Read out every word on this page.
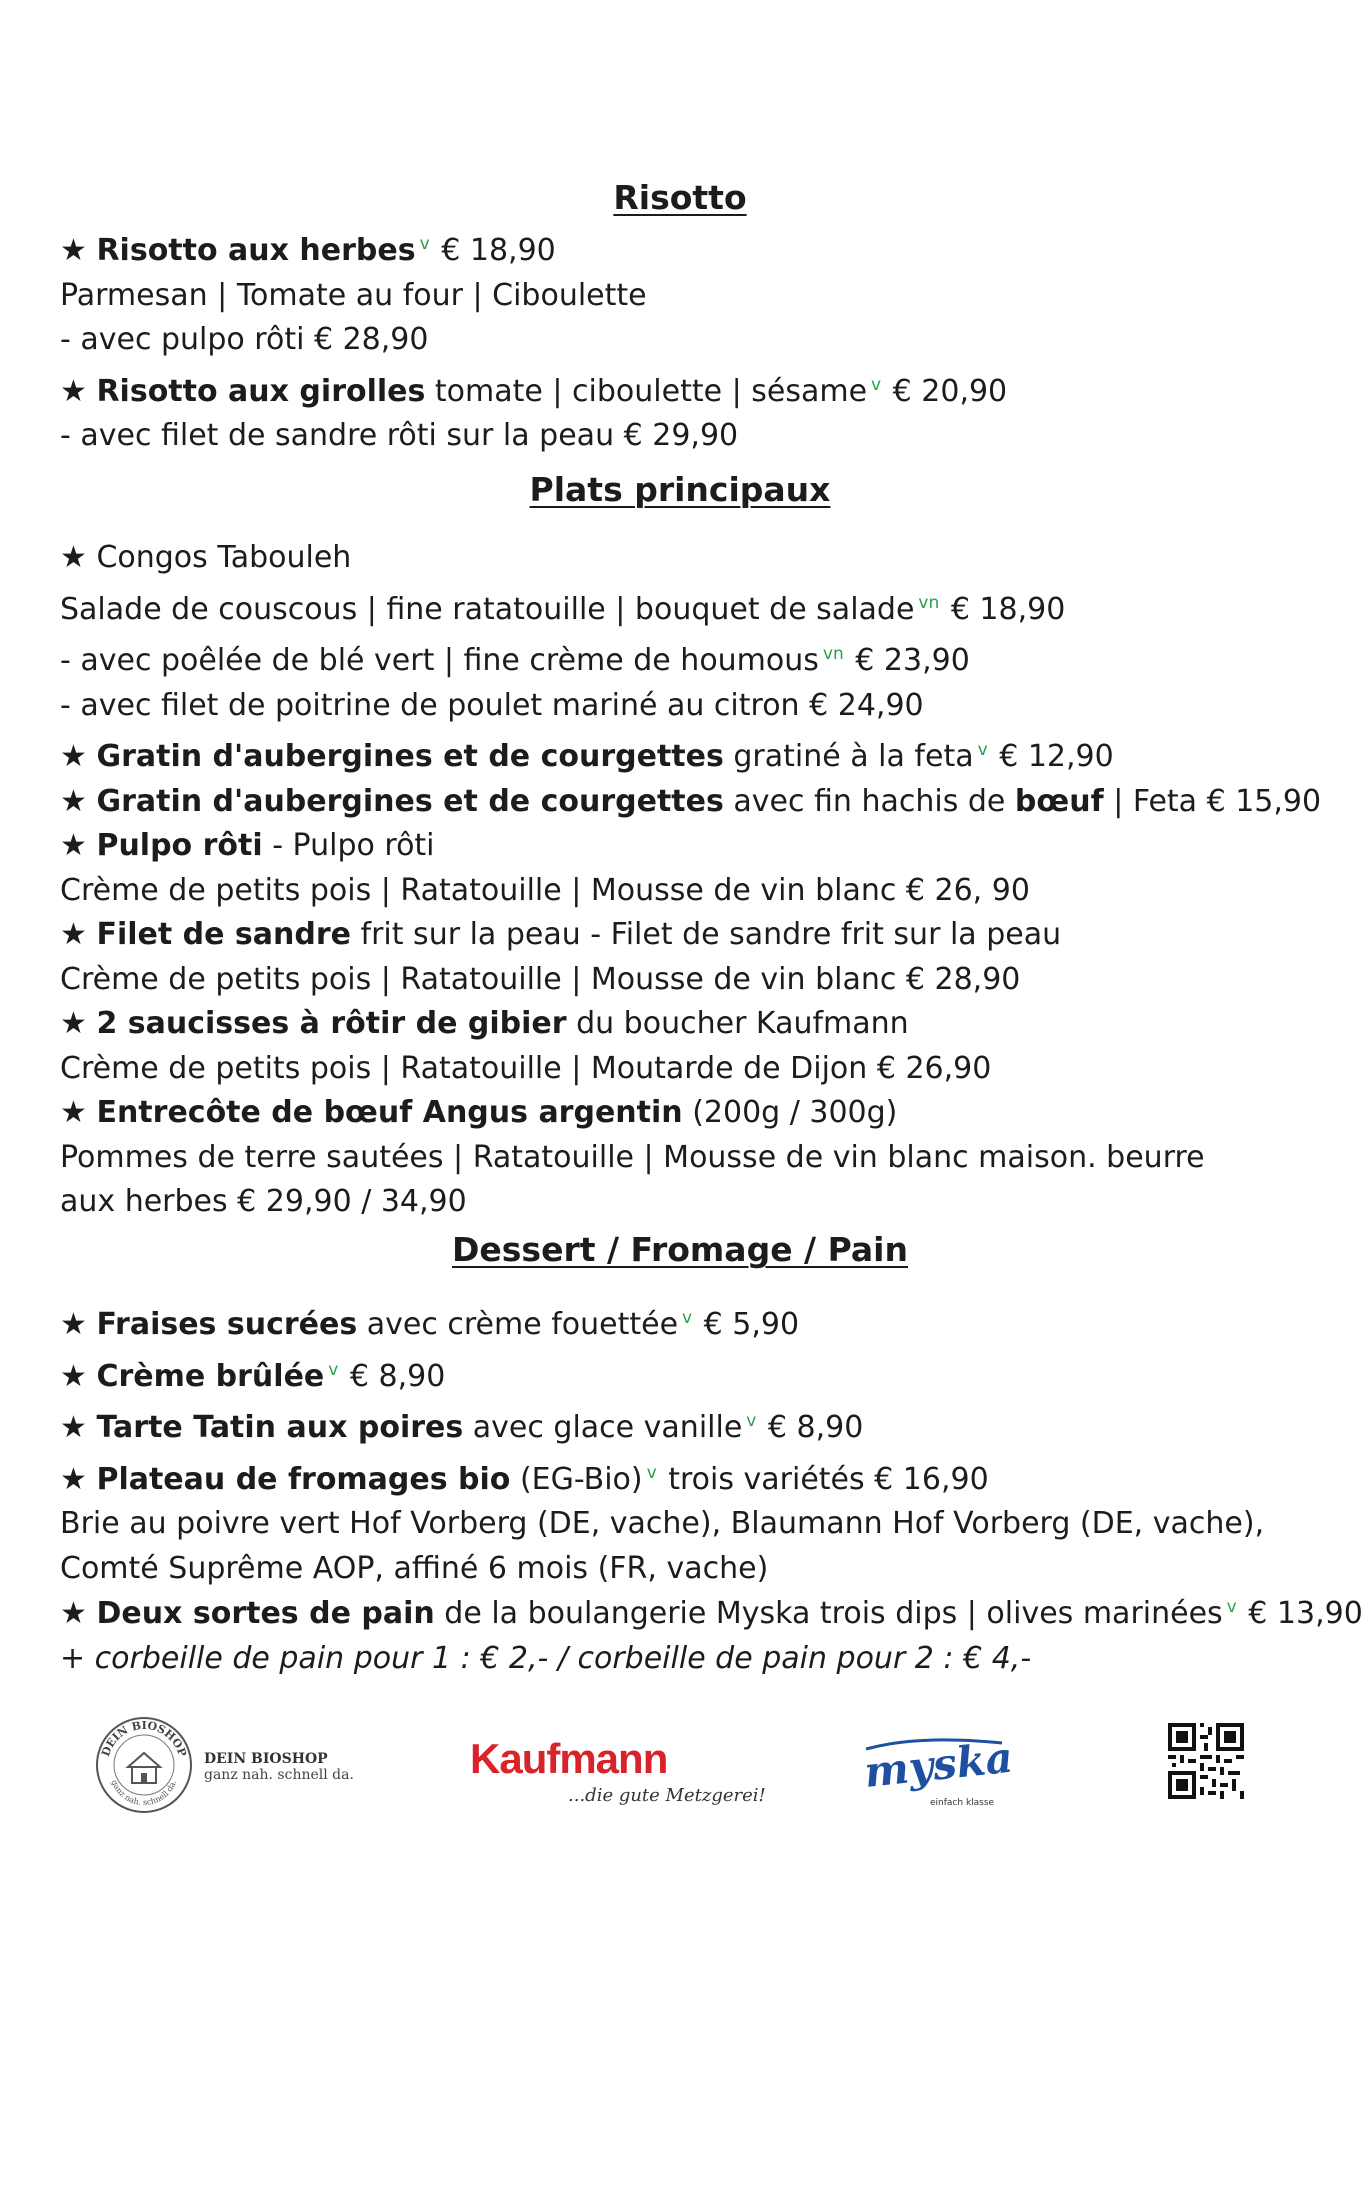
Risotto
★ Risotto aux herbes $^v$ € 18,90
Parmesan | Tomate au four | Ciboulette
- avec pulpo rôti € 28,90
★ Risotto aux girolles tomate | ciboulette | sésame $^v$ € 20,90
- avec filet de sandre rôti sur la peau € 29,90
Plats principaux
★ Congos Tabouleh
Salade de couscous | fine ratatouille | bouquet de salade $^{vn}$ € 18,90
- avec poêlée de blé vert | fine crème de houmous $^{vn}$ € 23,90
- avec filet de poitrine de poulet mariné au citron € 24,90
★ Gratin d'aubergines et de courgettes gratiné à la feta $^v$ € 12,90
★ Gratin d'aubergines et de courgettes avec fin hachis de bœuf | Feta € 15,90
★ Pulpo rôti - Pulpo rôti
Crème de petits pois | Ratatouille | Mousse de vin blanc € 26, 90
★ Filet de sandre frit sur la peau - Filet de sandre frit sur la peau
Crème de petits pois | Ratatouille | Mousse de vin blanc € 28,90
★ 2 saucisses à rôtir de gibier du boucher Kaufmann
Crème de petits pois | Ratatouille | Moutarde de Dijon € 26,90
★ Entrecôte de bœuf Angus argentin (200g / 300g)
Pommes de terre sautées | Ratatouille | Mousse de vin blanc maison. beurre aux herbes € 29,90 / 34,90
Dessert / Fromage / Pain
★ Fraises sucrées avec crème fouettée $^v$ € 5,90
★ Crème brûlée $^v$ € 8,90
★ Tarte Tatin aux poires avec glace vanille $^v$ € 8,90
★ Plateau de fromages bio (EG-Bio) $^v$ trois variétés € 16,90
Brie au poivre vert Hof Vorberg (DE, vache), Blaumann Hof Vorberg (DE, vache),
Comté Suprême AOP, affiné 6 mois (FR, vache)
★ Deux sortes de pain de la boulangerie Myska trois dips | olives marinées $^v$ € 13,90
+ corbeille de pain pour 1 : € 2,- / corbeille de pain pour 2 : € 4,-
DEIN BIOSHOP
ganz nah. schnell da.
DEIN BIOSHOP
ganz nah. schnell da.	Kaufmann
...die gute Metzgerei! myska
einfach klasse
